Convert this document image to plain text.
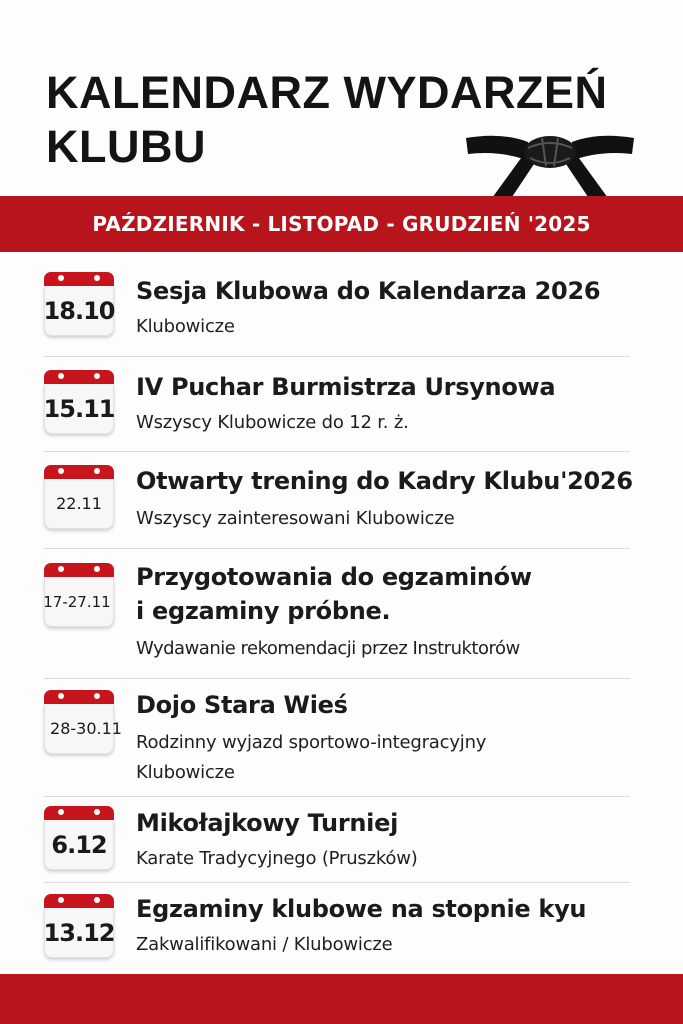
KALENDARZ WYDARZEŃ
KLUBU
PAŹDZIERNIK - LISTOPAD - GRUDZIEŃ '2025
18.10
Sesja Klubowa do Kalendarza 2026
Klubowicze
15.11
IV Puchar Burmistrza Ursynowa
Wszyscy Klubowicze do 12 r. ż.
22.11
Otwarty trening do Kadry Klubu'2026
Wszyscy zainteresowani Klubowicze
17-27.11
Przygotowania do egzaminów
i egzaminy próbne.
Wydawanie rekomendacji przez Instruktorów
28-30.11
Dojo Stara Wieś
Rodzinny wyjazd sportowo-integracyjny
Klubowicze
6.12
Mikołajkowy Turniej
Karate Tradycyjnego (Pruszków)
13.12
Egzaminy klubowe na stopnie kyu
Zakwalifikowani / Klubowicze
